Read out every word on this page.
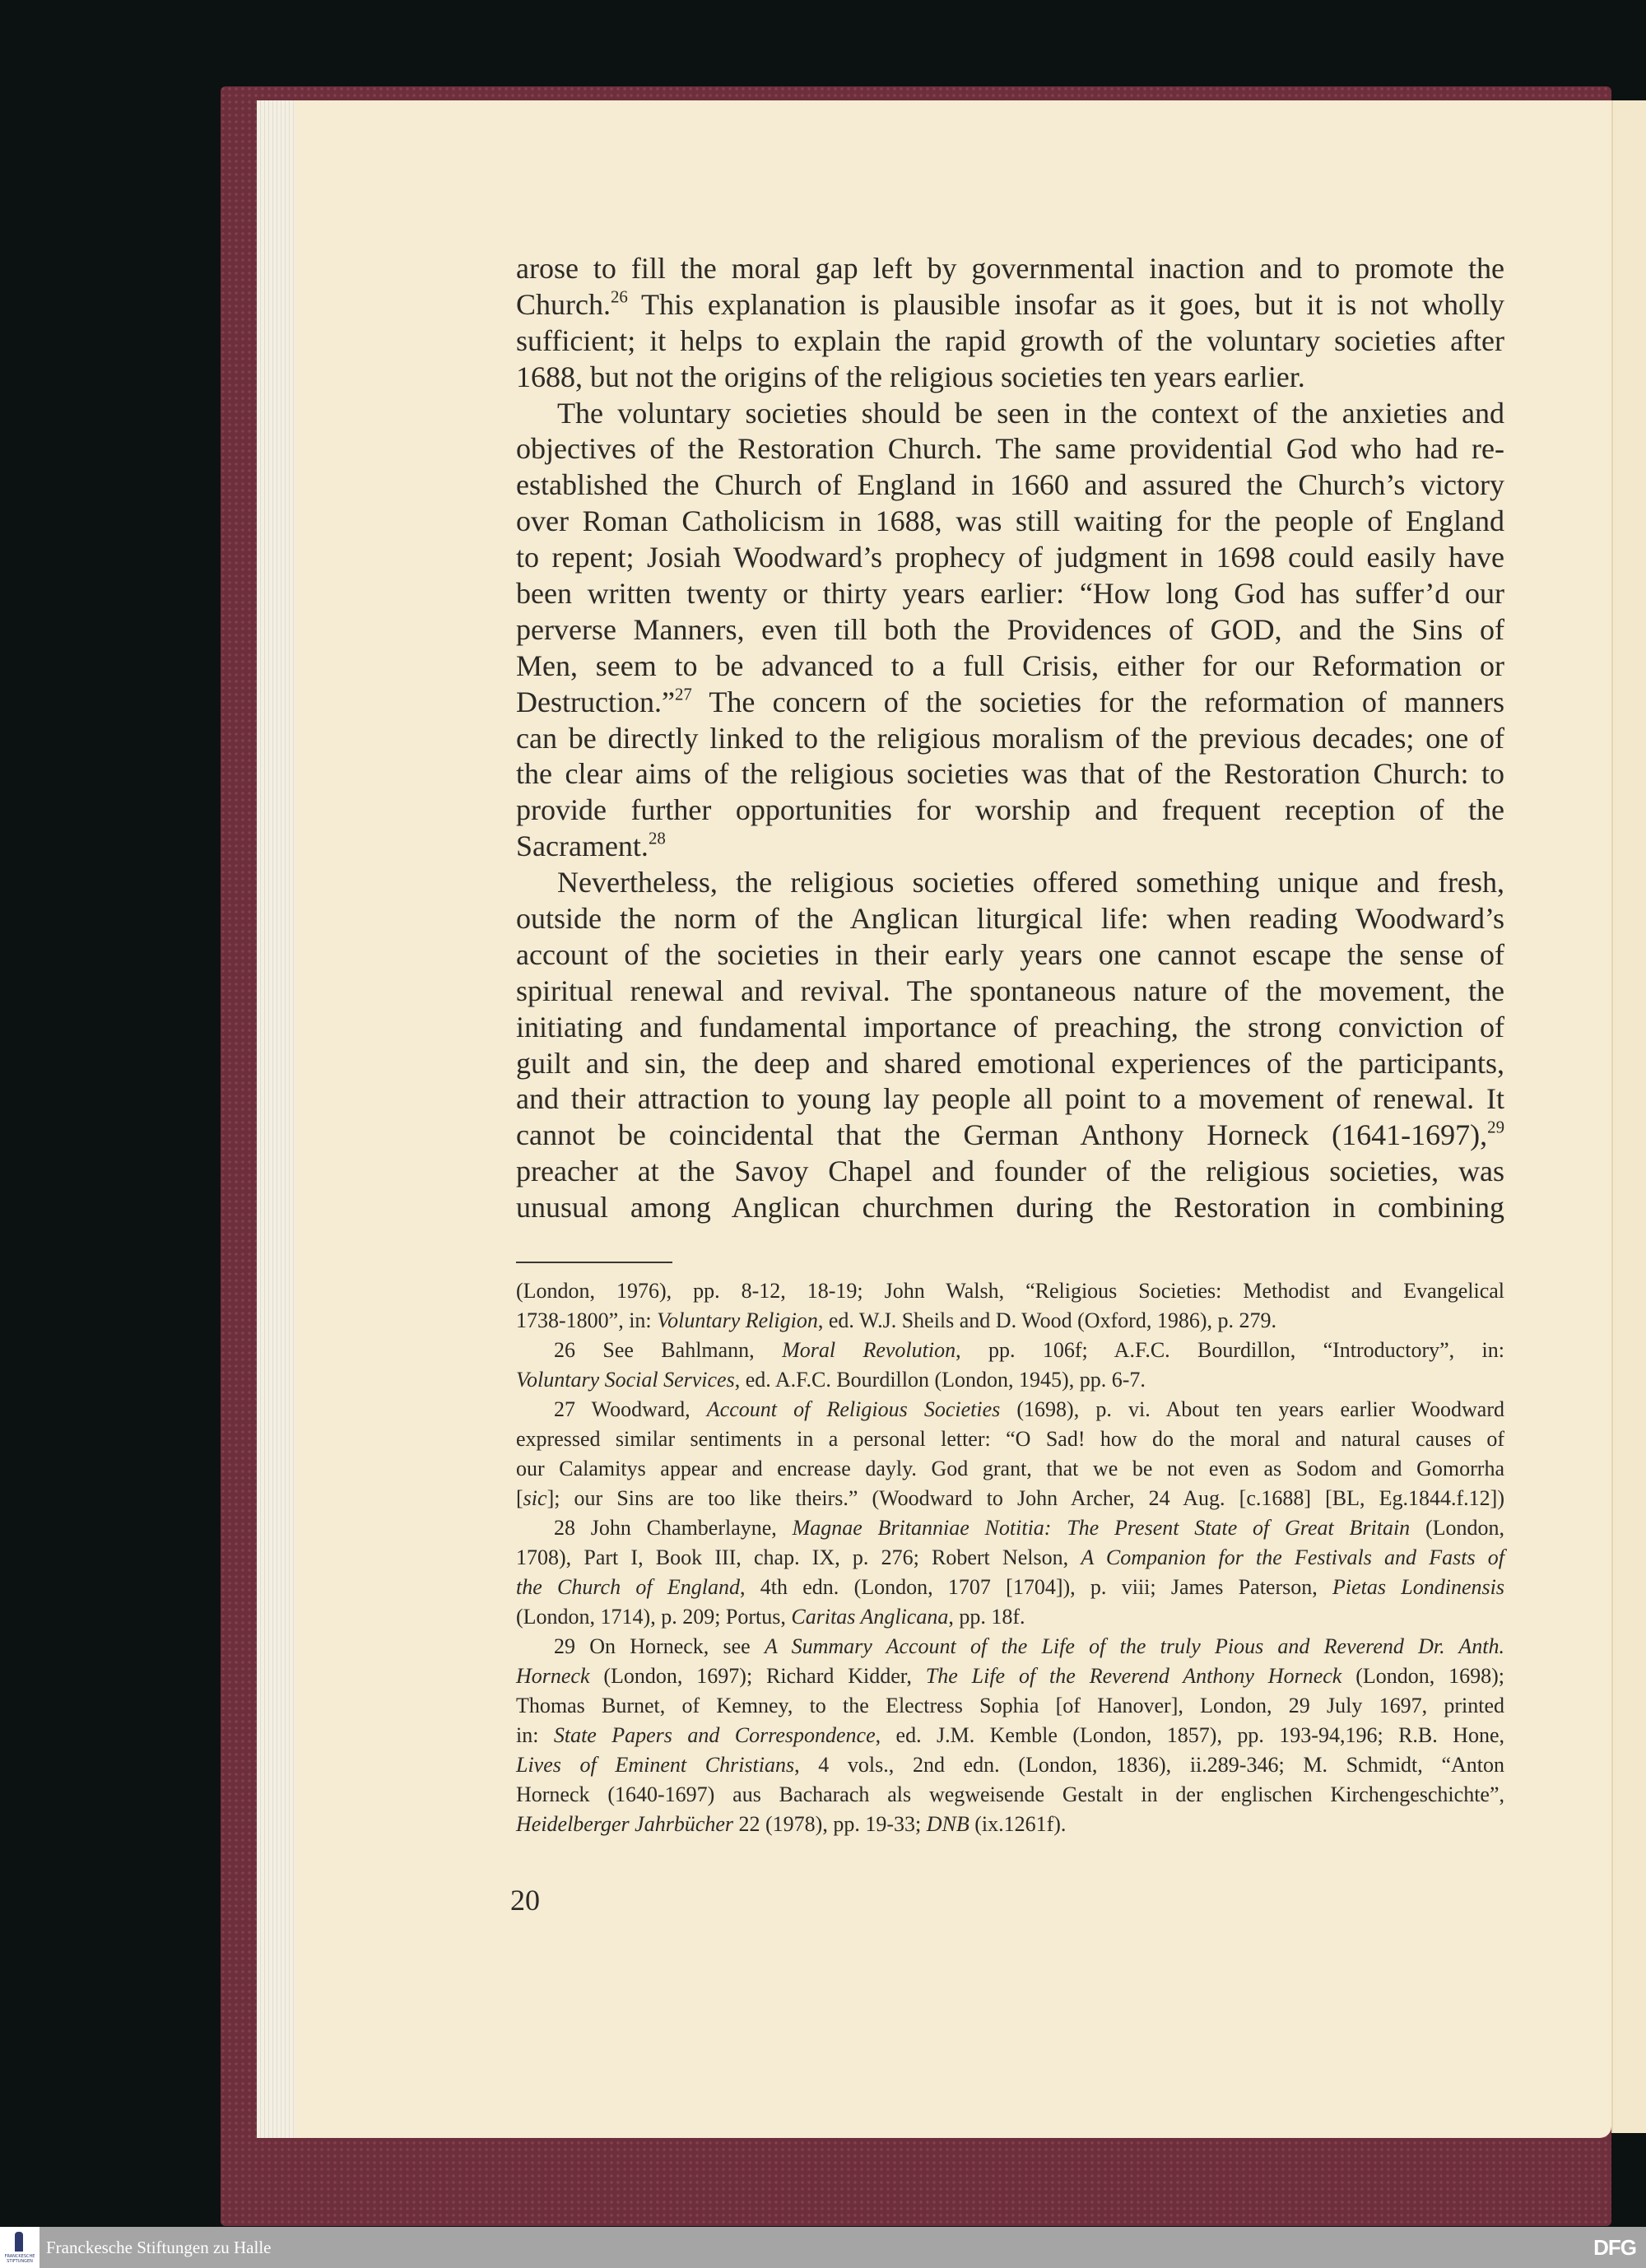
arose to fill the moral gap left by governmental inaction and to promote the
Church.$^{26}$ This explanation is plausible insofar as it goes, but it is not wholly
sufficient; it helps to explain the rapid growth of the voluntary societies after
1688, but not the origins of the religious societies ten years earlier.
The voluntary societies should be seen in the context of the anxieties and
objectives of the Restoration Church. The same providential God who had re-
established the Church of England in 1660 and assured the Church’s victory
over Roman Catholicism in 1688, was still waiting for the people of England
to repent; Josiah Woodward’s prophecy of judgment in 1698 could easily have
been written twenty or thirty years earlier: “How long God has suffer’d our
perverse Manners, even till both the Providences of GOD, and the Sins of
Men, seem to be advanced to a full Crisis, either for our Reformation or
Destruction.”$^{27}$ The concern of the societies for the reformation of manners
can be directly linked to the religious moralism of the previous decades; one of
the clear aims of the religious societies was that of the Restoration Church: to
provide further opportunities for worship and frequent reception of the
Sacrament.$^{28}$
Nevertheless, the religious societies offered something unique and fresh,
outside the norm of the Anglican liturgical life: when reading Woodward’s
account of the societies in their early years one cannot escape the sense of
spiritual renewal and revival. The spontaneous nature of the movement, the
initiating and fundamental importance of preaching, the strong conviction of
guilt and sin, the deep and shared emotional experiences of the participants,
and their attraction to young lay people all point to a movement of renewal. It
cannot be coincidental that the German Anthony Horneck (1641-1697),$^{29}$
preacher at the Savoy Chapel and founder of the religious societies, was
unusual among Anglican churchmen during the Restoration in combining
(London, 1976), pp. 8-12, 18-19; John Walsh, “Religious Societies: Methodist and Evangelical
1738-1800”, in: Voluntary Religion, ed. W.J. Sheils and D. Wood (Oxford, 1986), p. 279.
26 See Bahlmann, Moral Revolution, pp. 106f; A.F.C. Bourdillon, “Introductory”, in:
Voluntary Social Services, ed. A.F.C. Bourdillon (London, 1945), pp. 6-7.
27 Woodward, Account of Religious Societies (1698), p. vi. About ten years earlier Woodward
expressed similar sentiments in a personal letter: “O Sad! how do the moral and natural causes of
our Calamitys appear and encrease dayly. God grant, that we be not even as Sodom and Gomorrha
[sic]; our Sins are too like theirs.” (Woodward to John Archer, 24 Aug. [c.1688] [BL, Eg.1844.f.12])
28 John Chamberlayne, Magnae Britanniae Notitia: The Present State of Great Britain (London,
1708), Part I, Book III, chap. IX, p. 276; Robert Nelson, A Companion for the Festivals and Fasts of
the Church of England, 4th edn. (London, 1707 [1704]), p. viii; James Paterson, Pietas Londinensis
(London, 1714), p. 209; Portus, Caritas Anglicana, pp. 18f.
29 On Horneck, see A Summary Account of the Life of the truly Pious and Reverend Dr. Anth.
Horneck (London, 1697); Richard Kidder, The Life of the Reverend Anthony Horneck (London, 1698);
Thomas Burnet, of Kemney, to the Electress Sophia [of Hanover], London, 29 July 1697, printed
in: State Papers and Correspondence, ed. J.M. Kemble (London, 1857), pp. 193-94,196; R.B. Hone,
Lives of Eminent Christians, 4 vols., 2nd edn. (London, 1836), ii.289-346; M. Schmidt, “Anton
Horneck (1640-1697) aus Bacharach als wegweisende Gestalt in der englischen Kirchengeschichte”,
Heidelberger Jahrbücher 22 (1978), pp. 19-33; DNB (ix.1261f).
20
FRANCKESCHE STIFTUNGEN
Franckesche Stiftungen zu Halle	DFG
